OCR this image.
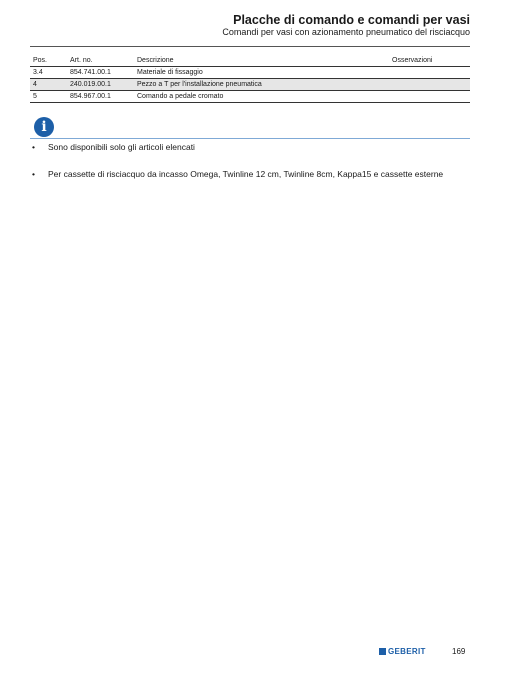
Placche di comando e comandi per vasi
Comandi per vasi con azionamento pneumatico del risciacquo
Pos.	Art. no.	Descrizione	Osservazioni
3.4	854.741.00.1	Materiale di fissaggio	
4	240.019.00.1	Pezzo a T per l'installazione pneumatica	
5	854.967.00.1	Comando a pedale cromato	
i
• Sono disponibili solo gli articoli elencati
• Per cassette di risciacquo da incasso Omega, Twinline 12 cm, Twinline 8cm, Kappa15 e cassette esterne
GEBERIT	169
